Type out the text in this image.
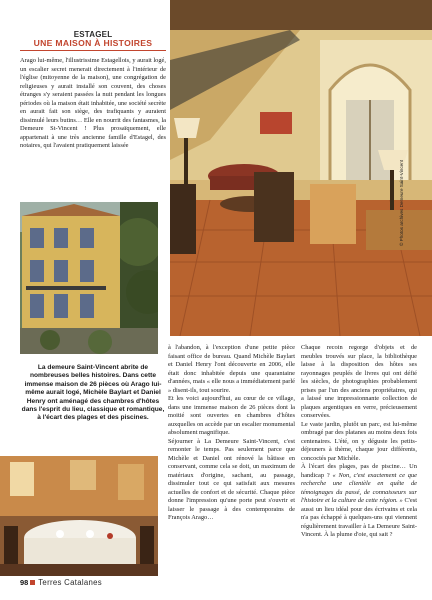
ESTAGEL
UNE MAISON À HISTOIRES

Arago lui-même, l'illustrissime Estagellois, y aurait logé, un escalier secret menerait directement à l'intérieur de l'église (mitoyenne de la maison), une congrégation de religieuses y aurait installé son couvent, des choses étranges s'y seraient passées la nuit pendant les longues périodes où la maison était inhabitée, une société secrète en aurait fait son siège, des trafiquants y auraient dissimulé leurs butins… Elle en nourrit des fantasmes, la Demeure St-Vincent ! Plus prosaïquement, elle appartenait à une très ancienne famille d'Estagel, des notaires, qui l'avaient pratiquement laissée

La demeure Saint-Vincent abrite de nombreuses belles histoires. Dans cette immense maison de 26 pièces où Arago lui-même aurait logé, Michèle Baylart et Daniel Henry ont aménagé des chambres d'hôtes dans l'esprit du lieu, classique et romantique, à l'écart des plages et des piscines.

© Photos archives Demeure Saint-Vincent

à l'abandon, à l'exception d'une petite pièce faisant office de bureau. Quand Michèle Baylart et Daniel Henry l'ont découverte en 2006, elle était donc inhabitée depuis une quarantaine d'années, mais « elle nous a immédiatement parlé » disent-ils, tout sourire.

Et les voici aujourd'hui, au cœur de ce village, dans une immense maison de 26 pièces dont la moitié sont ouvertes en chambres d'hôtes auxquelles on accède par un escalier monumental absolument magnifique.

Séjourner à La Demeure Saint-Vincent, c'est remonter le temps. Pas seulement parce que Michèle et Daniel ont rénové la bâtisse en conservant, comme cela se doit, un maximum de matériaux d'origine, sachant, au passage, dissimuler tout ce qui satisfait aux mesures actuelles de confort et de sécurité. Chaque pièce donne l'impression qu'une porte peut s'ouvrir et laisser le passage à des contemporains de François Arago…

Chaque recoin regorge d'objets et de meubles trouvés sur place, la bibliothèque laisse à la disposition des hôtes ses rayonnages peuplés de livres qui ont défié les siècles, de photographies probablement prises par l'un des anciens propriétaires, qui a laissé une impressionnante collection de plaques argentiques en verre, précieusement conservées.

Le vaste jardin, plutôt un parc, est lui-même ombragé par des platanes au moins deux fois centenaires. L'été, on y déguste les petits-déjeuners à thème, chaque jour différents, concoctés par Michèle.

À l'écart des plages, pas de piscine… Un handicap ? « Non, c'est exactement ce que recherche une clientèle en quête de témoignages du passé, de connaisseurs sur l'histoire et la culture de cette région. » C'est aussi un lieu idéal pour des écrivains et cela n'a pas échappé à quelques-uns qui viennent régulièrement travailler à La Demeure Saint-Vincent. À la plume d'oie, qui sait ?

98 Terres Catalanes
